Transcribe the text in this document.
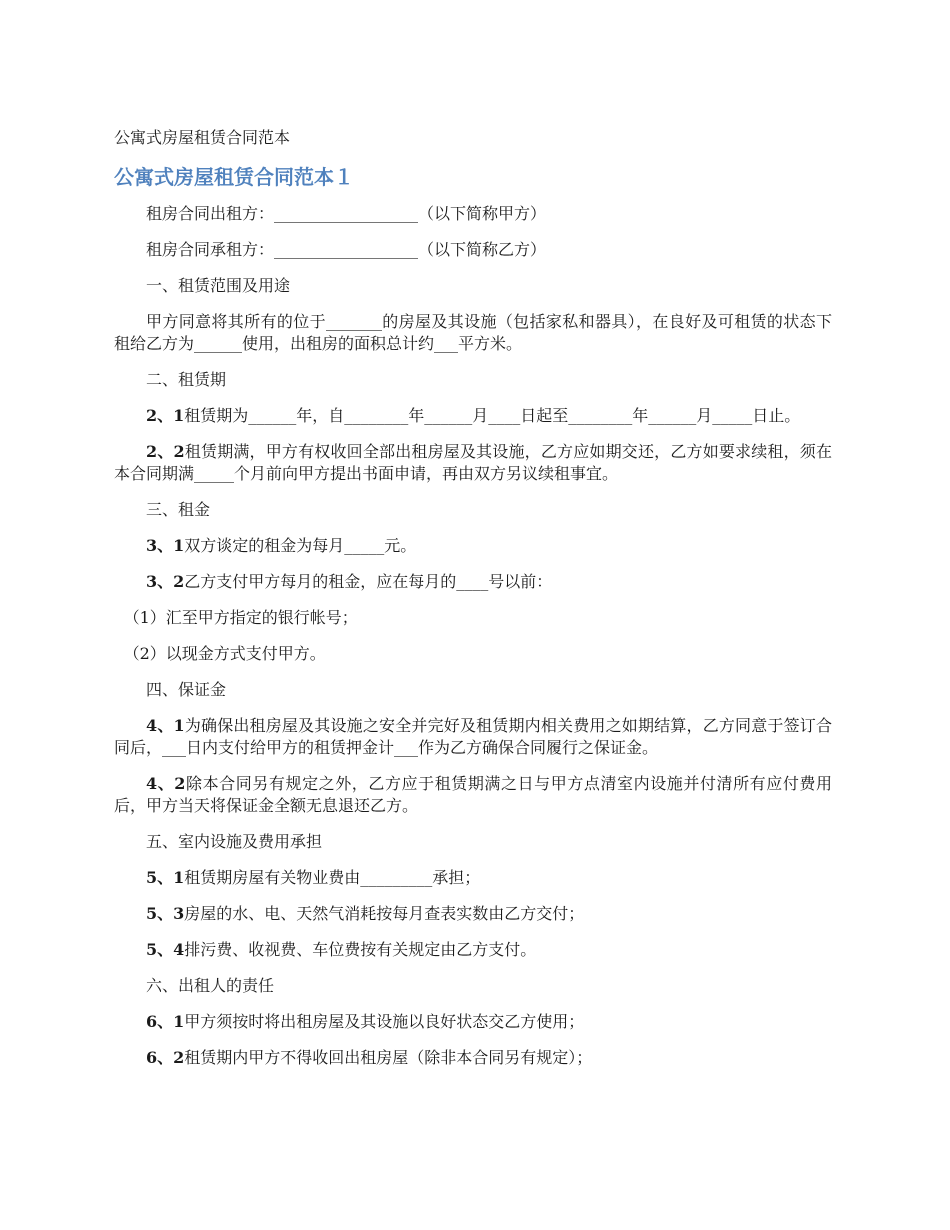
公寓式房屋租赁合同范本
公寓式房屋租赁合同范本１

租房合同出租方：__________________（以下简称甲方）

租房合同承租方：__________________（以下简称乙方）

一、租赁范围及用途

甲方同意将其所有的位于_______的房屋及其设施（包括家私和器具），在良好及可租赁的状态下租给乙方为______使用，出租房的面积总计约___平方米。

二、租赁期

2、1租赁期为______年，自________年______月____日起至________年______月_____日止。

2、2租赁期满，甲方有权收回全部出租房屋及其设施，乙方应如期交还，乙方如要求续租，须在本合同期满_____个月前向甲方提出书面申请，再由双方另议续租事宜。

三、租金

3、1双方谈定的租金为每月_____元。

3、2乙方支付甲方每月的租金，应在每月的____号以前：

（1）汇至甲方指定的银行帐号；

（2）以现金方式支付甲方。

四、保证金

4、1为确保出租房屋及其设施之安全并完好及租赁期内相关费用之如期结算，乙方同意于签订合同后，___日内支付给甲方的租赁押金计___作为乙方确保合同履行之保证金。

4、2除本合同另有规定之外，乙方应于租赁期满之日与甲方点清室内设施并付清所有应付费用后，甲方当天将保证金全额无息退还乙方。

五、室内设施及费用承担

5、1租赁期房屋有关物业费由_________承担；

5、3房屋的水、电、天然气消耗按每月查表实数由乙方交付；

5、4排污费、收视费、车位费按有关规定由乙方支付。

六、出租人的责任

6、1甲方须按时将出租房屋及其设施以良好状态交乙方使用；

6、2租赁期内甲方不得收回出租房屋（除非本合同另有规定）；
